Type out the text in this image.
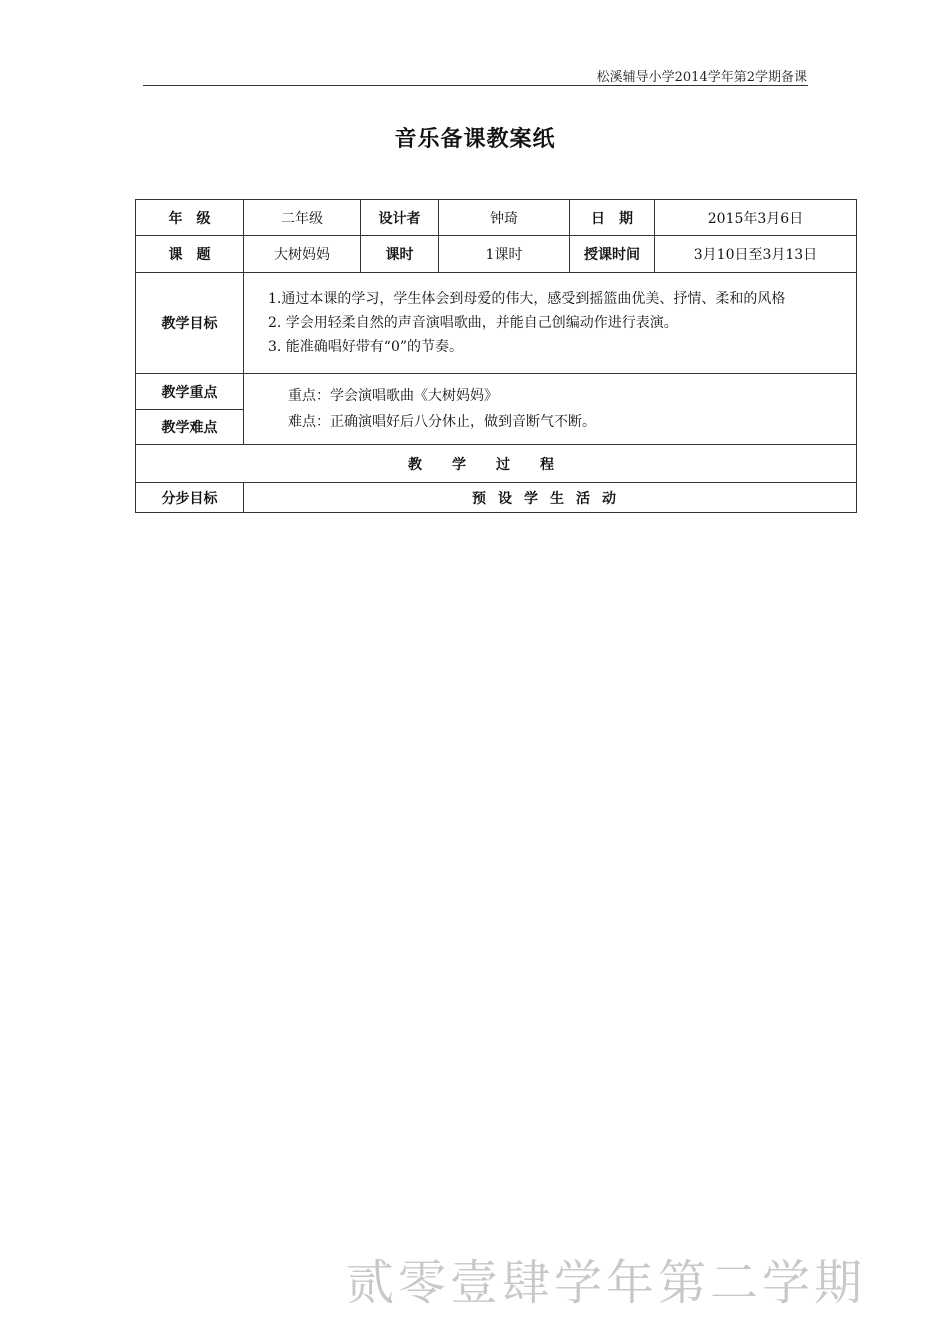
松溪辅导小学2014学年第2学期备课
音乐备课教案纸
年　级	二年级	设计者	钟琦	日　期	2015年3月6日
课　题	大树妈妈	课时	1课时	授课时间	3月10日至3月13日
教学目标	1.通过本课的学习，学生体会到母爱的伟大，感受到摇篮曲优美、抒情、柔和的风格

2. 学会用轻柔自然的声音演唱歌曲，并能自己创编动作进行表演。

3. 能准确唱好带有“0”的节奏。				

教学重点	重点：学会演唱歌曲《大树妈妈》

难点：正确演唱好后八分休止，做到音断气不断。				

教学难点					
教学过程					
分步目标	预设学生活动				
贰零壹肆学年第二学期
